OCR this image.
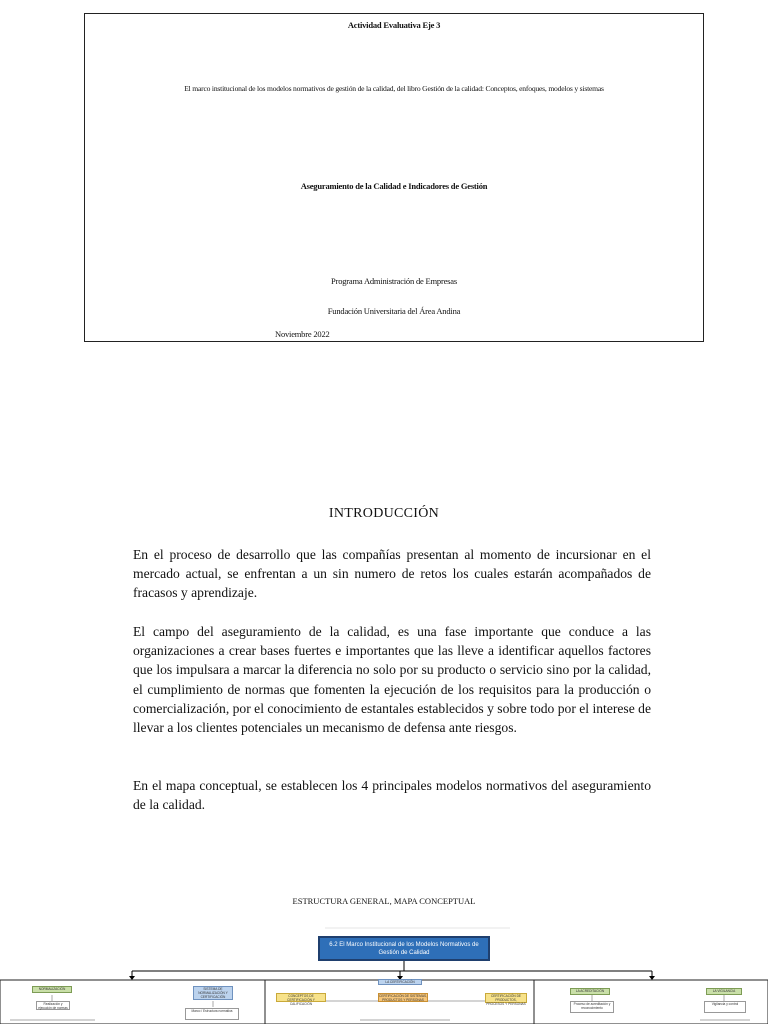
Actividad Evaluativa Eje 3
El marco institucional de los modelos normativos de gestión de la calidad, del libro Gestión de la calidad: Conceptos, enfoques, modelos y sistemas
Aseguramiento de la Calidad e Indicadores de Gestión
Programa Administración de Empresas
Fundación Universitaria del Área Andina
Noviembre 2022
INTRODUCCIÓN

En el proceso de desarrollo que las compañías presentan al momento de incursionar en el mercado actual, se enfrentan a un sin numero de retos los cuales estarán acompañados de fracasos y aprendizaje.

El campo del aseguramiento de la calidad, es una fase importante que conduce a las organizaciones a crear bases fuertes e importantes que las lleve a identificar aquellos factores que los impulsara a marcar la diferencia no solo por su producto o servicio sino por la calidad, el cumplimiento de normas que fomenten la ejecución de los requisitos para la producción o comercialización, por el conocimiento de estantales establecidos y sobre todo por el interese de llevar a los clientes potenciales un mecanismo de defensa ante riesgos.

En el mapa conceptual, se establecen los 4 principales modelos normativos del aseguramiento de la calidad.

ESTRUCTURA GENERAL, MAPA CONCEPTUAL
6.2 El Marco Institucional de los Modelos Normativos de Gestión de Calidad
NORMALIZACIÓN	SISTEMA DE NORMALIZACIÓN Y CERTIFICACIÓN
LA CERTIFICACIÓN
LA ACREDITACIÓN	LA VIGILANCIA
Realización y ejecución de normas
Marco / Estructura normativa
CONCEPTOS DE CERTIFICACIÓN Y CALIFICACIÓN
CERTIFICACIÓN DE SISTEMAS, PRODUCTOS Y PERSONAS
CERTIFICACIÓN DE PRODUCTOS, PROCESOS Y PERSONAS	Proceso de acreditación y reconocimiento
Vigilancia y control
